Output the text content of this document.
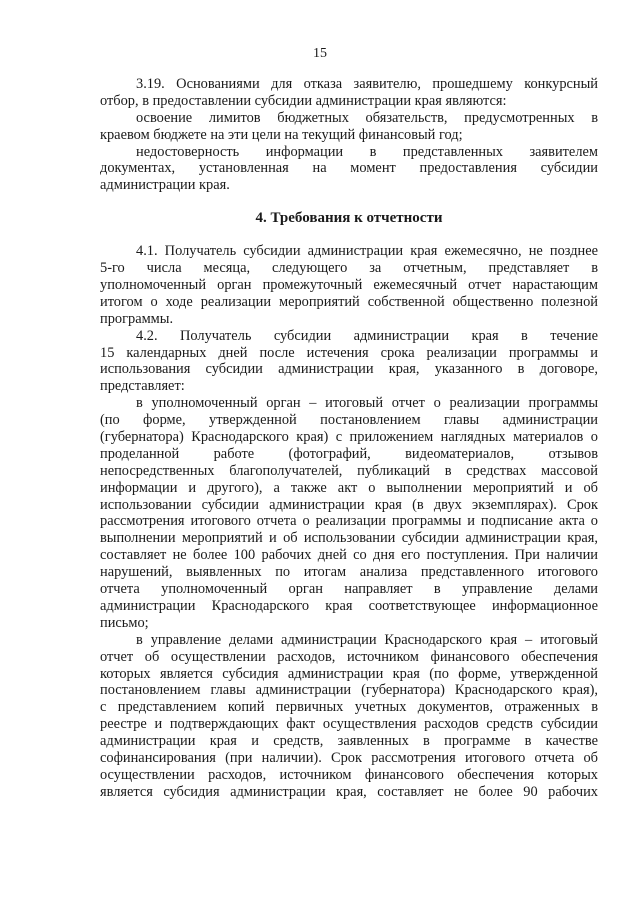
15
3.19. Основаниями для отказа заявителю, прошедшему конкурсный
отбор, в предоставлении субсидии администрации края являются:
освоение лимитов бюджетных обязательств, предусмотренных в
краевом бюджете на эти цели на текущий финансовый год;
недостоверность информации в представленных заявителем
документах, установленная на момент предоставления субсидии
администрации края.
4. Требования к отчетности
4.1. Получатель субсидии администрации края ежемесячно, не позднее
5-го числа месяца, следующего за отчетным, представляет в
уполномоченный орган промежуточный ежемесячный отчет нарастающим
итогом о ходе реализации мероприятий собственной общественно полезной
программы.
4.2. Получатель субсидии администрации края в течение
15 календарных дней после истечения срока реализации программы и
использования субсидии администрации края, указанного в договоре,
представляет:
в уполномоченный орган – итоговый отчет о реализации программы
(по форме, утвержденной постановлением главы администрации
(губернатора) Краснодарского края) с приложением наглядных материалов о
проделанной работе (фотографий, видеоматериалов, отзывов
непосредственных благополучателей, публикаций в средствах массовой
информации и другого), а также акт о выполнении мероприятий и об
использовании субсидии администрации края (в двух экземплярах). Срок
рассмотрения итогового отчета о реализации программы и подписание акта о
выполнении мероприятий и об использовании субсидии администрации края,
составляет не более 100 рабочих дней со дня его поступления. При наличии
нарушений, выявленных по итогам анализа представленного итогового
отчета уполномоченный орган направляет в управление делами
администрации Краснодарского края соответствующее информационное
письмо;
в управление делами администрации Краснодарского края – итоговый
отчет об осуществлении расходов, источником финансового обеспечения
которых является субсидия администрации края (по форме, утвержденной
постановлением главы администрации (губернатора) Краснодарского края),
с представлением копий первичных учетных документов, отраженных в
реестре и подтверждающих факт осуществления расходов средств субсидии
администрации края и средств, заявленных в программе в качестве
софинансирования (при наличии). Срок рассмотрения итогового отчета об
осуществлении расходов, источником финансового обеспечения которых
является субсидия администрации края, составляет не более 90 рабочих
